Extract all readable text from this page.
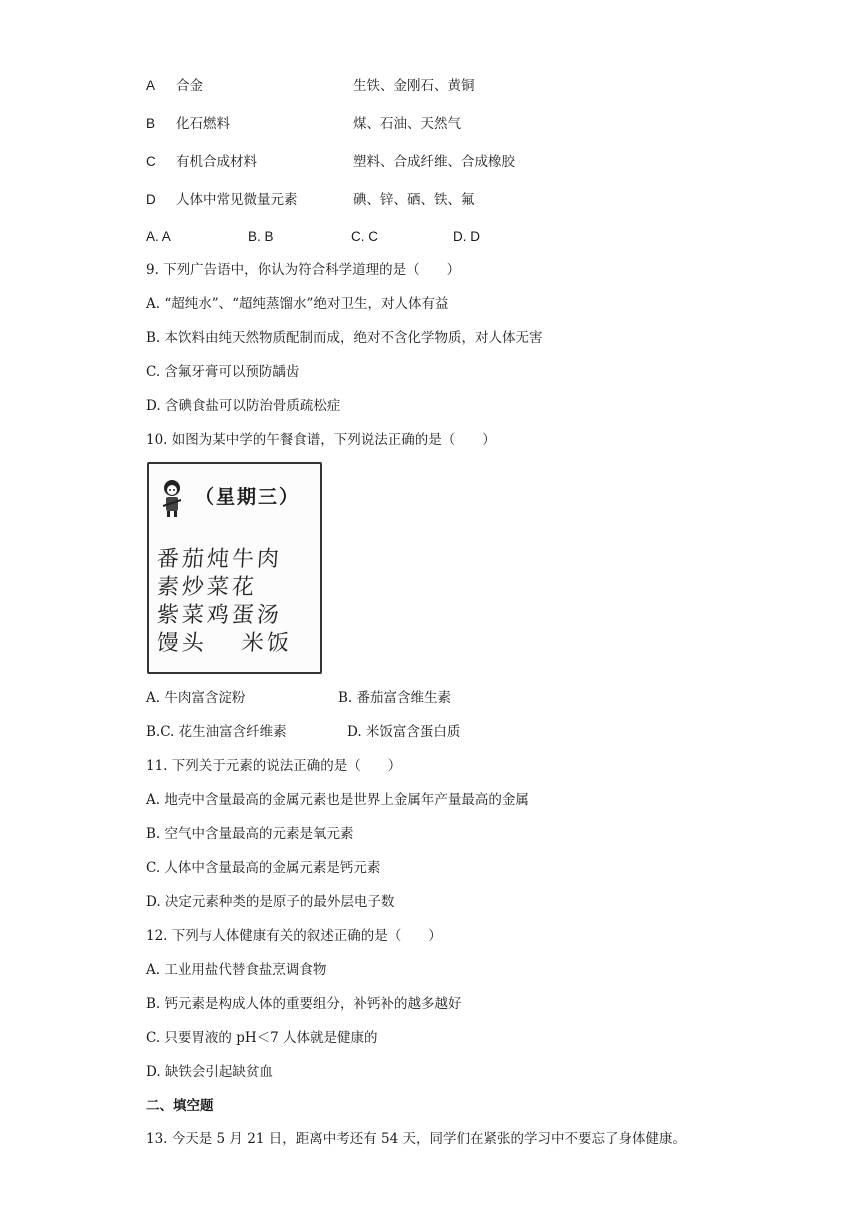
A 合金	生铁、金刚石、黄铜
B 化石燃料	煤、石油、天然气
C 有机合成材料	塑料、合成纤维、合成橡胶
D 人体中常见微量元素	碘、锌、硒、铁、氟
A. A	B. B	C. C	D. D
9. 下列广告语中，你认为符合科学道理的是（　　）
A. “超纯水”、“超纯蒸馏水”绝对卫生，对人体有益
B. 本饮料由纯天然物质配制而成，绝对不含化学物质，对人体无害
C. 含氟牙膏可以预防龋齿
D. 含碘食盐可以防治骨质疏松症
10. 如图为某中学的午餐食谱，下列说法正确的是（　　）
（星期三）
番茄炖牛肉
素炒菜花
紫菜鸡蛋汤
馒头　 米饭
A. 牛肉富含淀粉	B. 番茄富含维生素
B.C. 花生油富含纤维素	D. 米饭富含蛋白质
11. 下列关于元素的说法正确的是（　　）
A. 地壳中含量最高的金属元素也是世界上金属年产量最高的金属
B. 空气中含量最高的元素是氧元素
C. 人体中含量最高的金属元素是钙元素
D. 决定元素种类的是原子的最外层电子数
12. 下列与人体健康有关的叙述正确的是（　　）
A. 工业用盐代替食盐烹调食物
B. 钙元素是构成人体的重要组分，补钙补的越多越好
C. 只要胃液的 pH＜7 人体就是健康的
D. 缺铁会引起缺贫血
二、填空题
13. 今天是 5 月 21 日，距离中考还有 54 天，同学们在紧张的学习中不要忘了身体健康。
